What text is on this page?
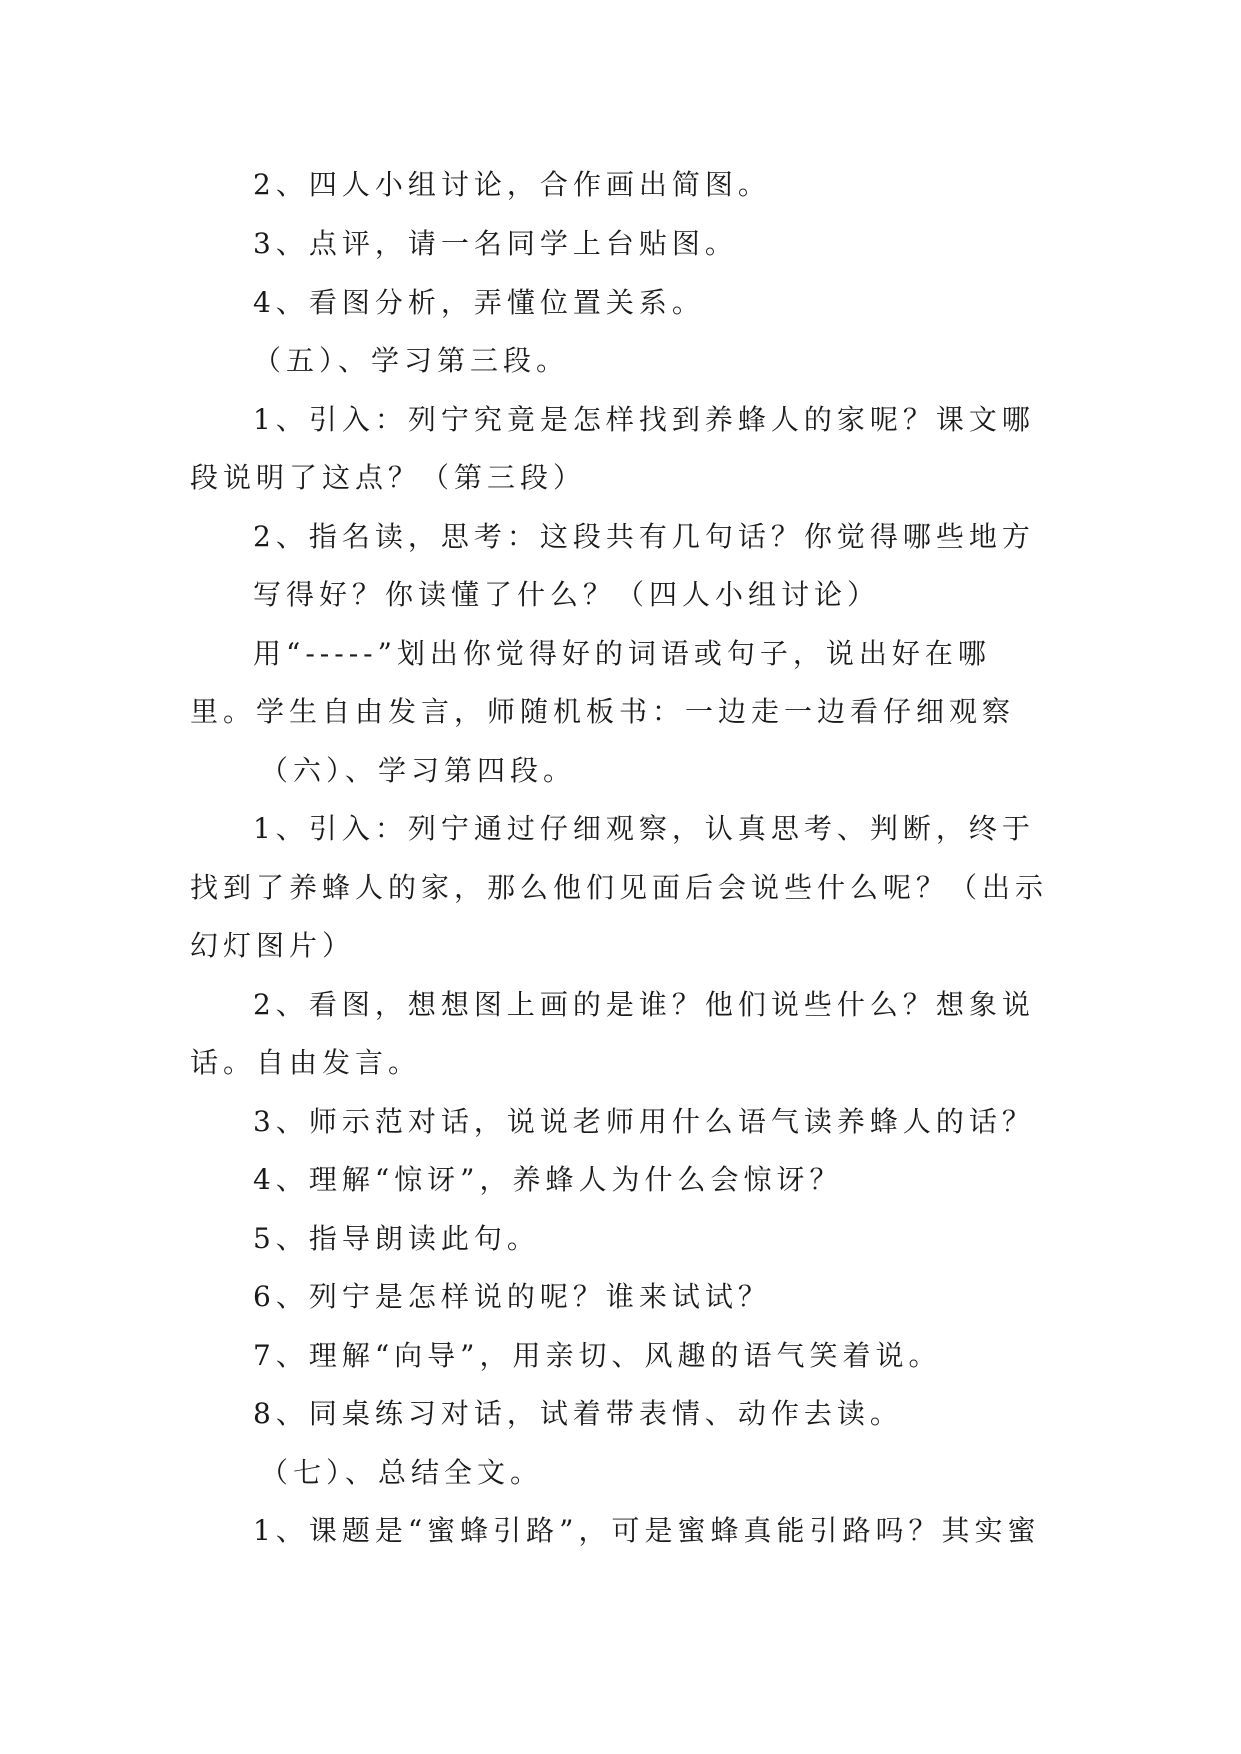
2、四人小组讨论，合作画出简图。
3、点评，请一名同学上台贴图。
4、看图分析，弄懂位置关系。
（五）、学习第三段。
1、引入：列宁究竟是怎样找到养蜂人的家呢？课文哪
段说明了这点？（第三段）
2、指名读，思考：这段共有几句话？你觉得哪些地方
写得好？你读懂了什么？（四人小组讨论）
用“-----”划出你觉得好的词语或句子，说出好在哪
里。学生自由发言，师随机板书：一边走一边看仔细观察
（六）、学习第四段。
1、引入：列宁通过仔细观察，认真思考、判断，终于
找到了养蜂人的家，那么他们见面后会说些什么呢？（出示
幻灯图片）
2、看图，想想图上画的是谁？他们说些什么？想象说
话。自由发言。
3、师示范对话，说说老师用什么语气读养蜂人的话？
4、理解“惊讶”，养蜂人为什么会惊讶？
5、指导朗读此句。
6、列宁是怎样说的呢？谁来试试？
7、理解“向导”，用亲切、风趣的语气笑着说。
8、同桌练习对话，试着带表情、动作去读。
（七）、总结全文。
1、课题是“蜜蜂引路”，可是蜜蜂真能引路吗？其实蜜
